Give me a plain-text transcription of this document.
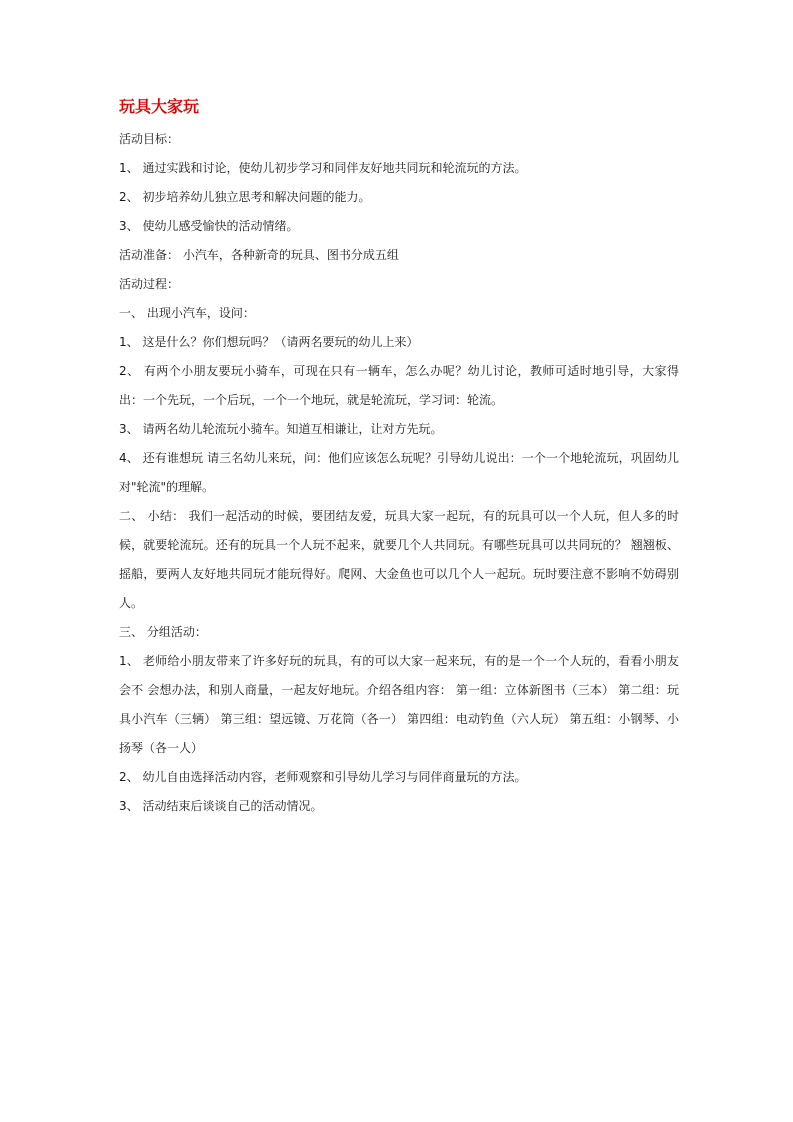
玩具大家玩

活动目标：

1、 通过实践和讨论，使幼儿初步学习和同伴友好地共同玩和轮流玩的方法。

2、 初步培养幼儿独立思考和解决问题的能力。

3、 使幼儿感受愉快的活动情绪。

活动准备： 小汽车，各种新奇的玩具、图书分成五组

活动过程：

一、 出现小汽车，设问：

1、 这是什么？你们想玩吗？（请两名要玩的幼儿上来）

2、 有两个小朋友要玩小骑车，可现在只有一辆车，怎么办呢？幼儿讨论，教师可适时地引导，大家得出：一个先玩，一个后玩，一个一个地玩，就是轮流玩，学习词：轮流。

3、 请两名幼儿轮流玩小骑车。知道互相谦让，让对方先玩。

4、 还有谁想玩 请三名幼儿来玩，问：他们应该怎么玩呢？引导幼儿说出：一个一个地轮流玩，巩固幼儿对"轮流"的理解。

二、 小结： 我们一起活动的时候，要团结友爱，玩具大家一起玩，有的玩具可以一个人玩，但人多的时候，就要轮流玩。还有的玩具一个人玩不起来，就要几个人共同玩。有哪些玩具可以共同玩的？ 翘翘板、摇船，要两人友好地共同玩才能玩得好。爬网、大金鱼也可以几个人一起玩。玩时要注意不影响不妨碍别人。

三、 分组活动：

1、 老师给小朋友带来了许多好玩的玩具，有的可以大家一起来玩，有的是一个一个人玩的，看看小朋友会不 会想办法，和别人商量，一起友好地玩。介绍各组内容： 第一组：立体新图书（三本） 第二组：玩具小汽车（三辆） 第三组：望远镜、万花筒（各一） 第四组：电动钓鱼（六人玩） 第五组：小钢琴、小扬琴（各一人）

2、 幼儿自由选择活动内容，老师观察和引导幼儿学习与同伴商量玩的方法。

3、 活动结束后谈谈自己的活动情况。
